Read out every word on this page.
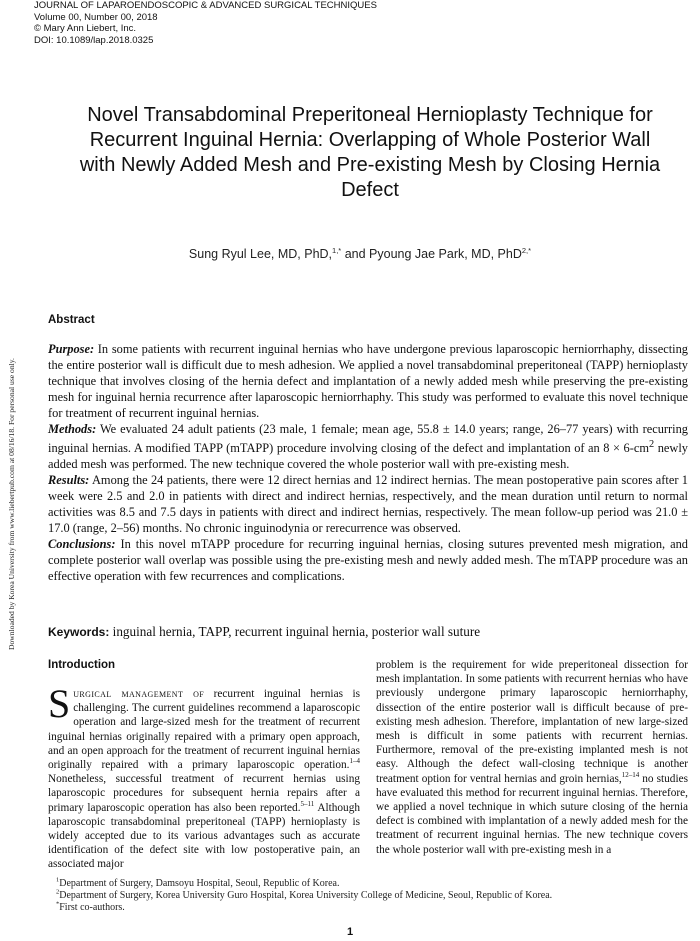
JOURNAL OF LAPAROENDOSCOPIC & ADVANCED SURGICAL TECHNIQUES
Volume 00, Number 00, 2018
© Mary Ann Liebert, Inc.
DOI: 10.1089/lap.2018.0325
Downloaded by Korea University from www.liebertpub.com at 08/16/18. For personal use only.
Novel Transabdominal Preperitoneal Hernioplasty Technique for Recurrent Inguinal Hernia: Overlapping of Whole Posterior Wall with Newly Added Mesh and Pre-existing Mesh by Closing Hernia Defect
Sung Ryul Lee, MD, PhD,$^{1,*}$ and Pyoung Jae Park, MD, PhD$^{2,*}$
Abstract

Purpose: In some patients with recurrent inguinal hernias who have undergone previous laparoscopic herniorrhaphy, dissecting the entire posterior wall is difficult due to mesh adhesion. We applied a novel transabdominal preperitoneal (TAPP) hernioplasty technique that involves closing of the hernia defect and implantation of a newly added mesh while preserving the pre-existing mesh for inguinal hernia recurrence after laparoscopic herniorrhaphy. This study was performed to evaluate this novel technique for treatment of recurrent inguinal hernias.

Methods: We evaluated 24 adult patients (23 male, 1 female; mean age, 55.8 ± 14.0 years; range, 26–77 years) with recurring inguinal hernias. A modified TAPP (mTAPP) procedure involving closing of the defect and implantation of an $8 \times 6-cm^2$ newly added mesh was performed. The new technique covered the whole posterior wall with pre-existing mesh.

Results: Among the 24 patients, there were 12 direct hernias and 12 indirect hernias. The mean postoperative pain scores after 1 week were 2.5 and 2.0 in patients with direct and indirect hernias, respectively, and the mean duration until return to normal activities was 8.5 and 7.5 days in patients with direct and indirect hernias, respectively. The mean follow-up period was 21.0 ± 17.0 (range, 2–56) months. No chronic inguinodynia or rerecurrence was observed.

Conclusions: In this novel mTAPP procedure for recurring inguinal hernias, closing sutures prevented mesh migration, and complete posterior wall overlap was possible using the pre-existing mesh and newly added mesh. The mTAPP procedure was an effective operation with few recurrences and complications.

Keywords: inguinal hernia, TAPP, recurrent inguinal hernia, posterior wall suture
Introduction

Surgical management of recurrent inguinal hernias is challenging. The current guidelines recommend a laparoscopic operation and large-sized mesh for the treatment of recurrent inguinal hernias originally repaired with a primary open approach, and an open approach for the treatment of recurrent inguinal hernias originally repaired with a primary laparoscopic operation.$^{1-4}$ Nonetheless, successful treatment of recurrent hernias using laparoscopic procedures for subsequent hernia repairs after a primary laparoscopic operation has also been reported.$^{5-11}$ Although laparoscopic transabdominal preperitoneal (TAPP) hernioplasty is widely accepted due to its various advantages such as accurate identification of the defect site with low postoperative pain, an associated major

problem is the requirement for wide preperitoneal dissection for mesh implantation. In some patients with recurrent hernias who have previously undergone primary laparoscopic herniorrhaphy, dissection of the entire posterior wall is difficult because of pre-existing mesh adhesion. Therefore, implantation of new large-sized mesh is difficult in some patients with recurrent hernias. Furthermore, removal of the pre-existing implanted mesh is not easy. Although the defect wall-closing technique is another treatment option for ventral hernias and groin hernias,$^{12-14}$ no studies have evaluated this method for recurrent inguinal hernias. Therefore, we applied a novel technique in which suture closing of the hernia defect is combined with implantation of a newly added mesh for the treatment of recurrent inguinal hernias. The new technique covers the whole posterior wall with pre-existing mesh in a

$^1$Department of Surgery, Damsoyu Hospital, Seoul, Republic of Korea.
$^2$Department of Surgery, Korea University Guro Hospital, Korea University College of Medicine, Seoul, Republic of Korea.
*First co-authors.
1
